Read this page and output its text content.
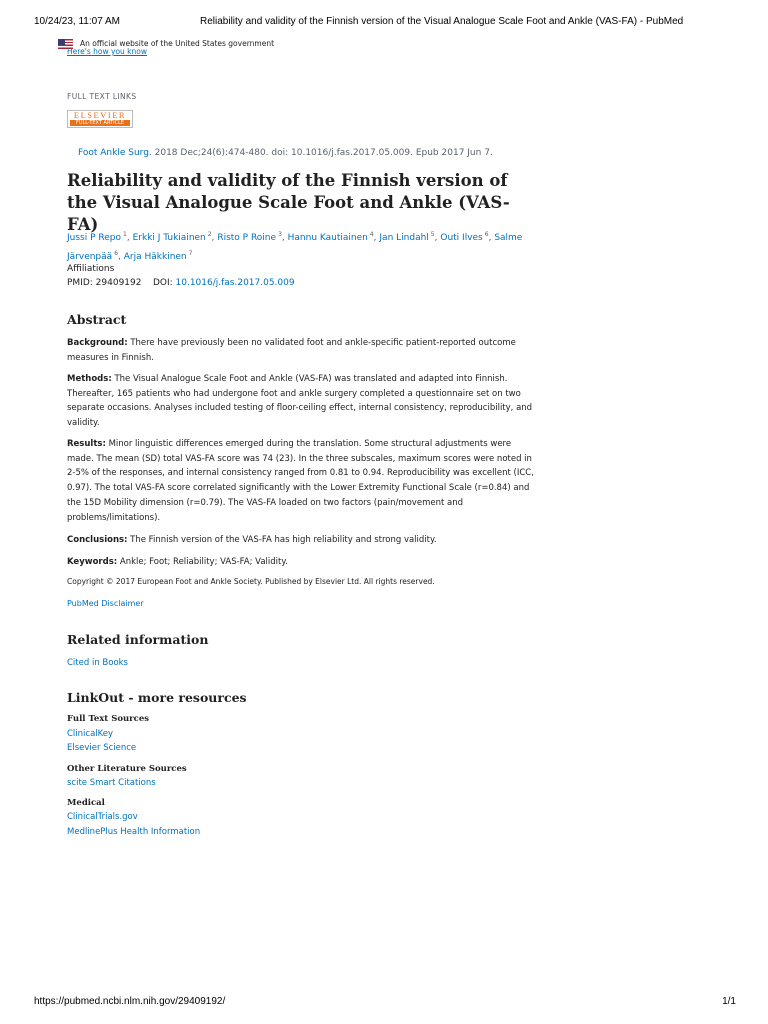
10/24/23, 11:07 AM	Reliability and validity of the Finnish version of the Visual Analogue Scale Foot and Ankle (VAS-FA) - PubMed
An official website of the United States government
Here's how you know
FULL TEXT LINKS
ELSEVIER
FULL-TEXT ARTICLE
Foot Ankle Surg. 2018 Dec;24(6):474-480. doi: 10.1016/j.fas.2017.05.009. Epub 2017 Jun 7.
Reliability and validity of the Finnish version of the Visual Analogue Scale Foot and Ankle (VAS-FA)
Jussi P Repo $^1$, Erkki J Tukiainen $^2$, Risto P Roine $^3$, Hannu Kautiainen $^4$, Jan Lindahl $^5$, Outi Ilves $^6$, Salme Järvenpää $^6$, Arja Häkkinen $^7$
Affiliations
PMID: 29409192 DOI: 10.1016/j.fas.2017.05.009
Abstract

Background: There have previously been no validated foot and ankle-specific patient-reported outcome measures in Finnish.

Methods: The Visual Analogue Scale Foot and Ankle (VAS-FA) was translated and adapted into Finnish. Thereafter, 165 patients who had undergone foot and ankle surgery completed a questionnaire set on two separate occasions. Analyses included testing of floor-ceiling effect, internal consistency, reproducibility, and validity.

Results: Minor linguistic differences emerged during the translation. Some structural adjustments were made. The mean (SD) total VAS-FA score was 74 (23). In the three subscales, maximum scores were noted in 2-5% of the responses, and internal consistency ranged from 0.81 to 0.94. Reproducibility was excellent (ICC, 0.97). The total VAS-FA score correlated significantly with the Lower Extremity Functional Scale (r=0.84) and the 15D Mobility dimension (r=0.79). The VAS-FA loaded on two factors (pain/movement and problems/limitations).

Conclusions: The Finnish version of the VAS-FA has high reliability and strong validity.

Keywords: Ankle; Foot; Reliability; VAS-FA; Validity.

Copyright © 2017 European Foot and Ankle Society. Published by Elsevier Ltd. All rights reserved.
PubMed Disclaimer
Related information
Cited in Books
LinkOut - more resources
Full Text Sources
ClinicalKey
Elsevier Science
Other Literature Sources
scite Smart Citations
Medical
ClinicalTrials.gov
MedlinePlus Health Information
https://pubmed.ncbi.nlm.nih.gov/29409192/	1/1
